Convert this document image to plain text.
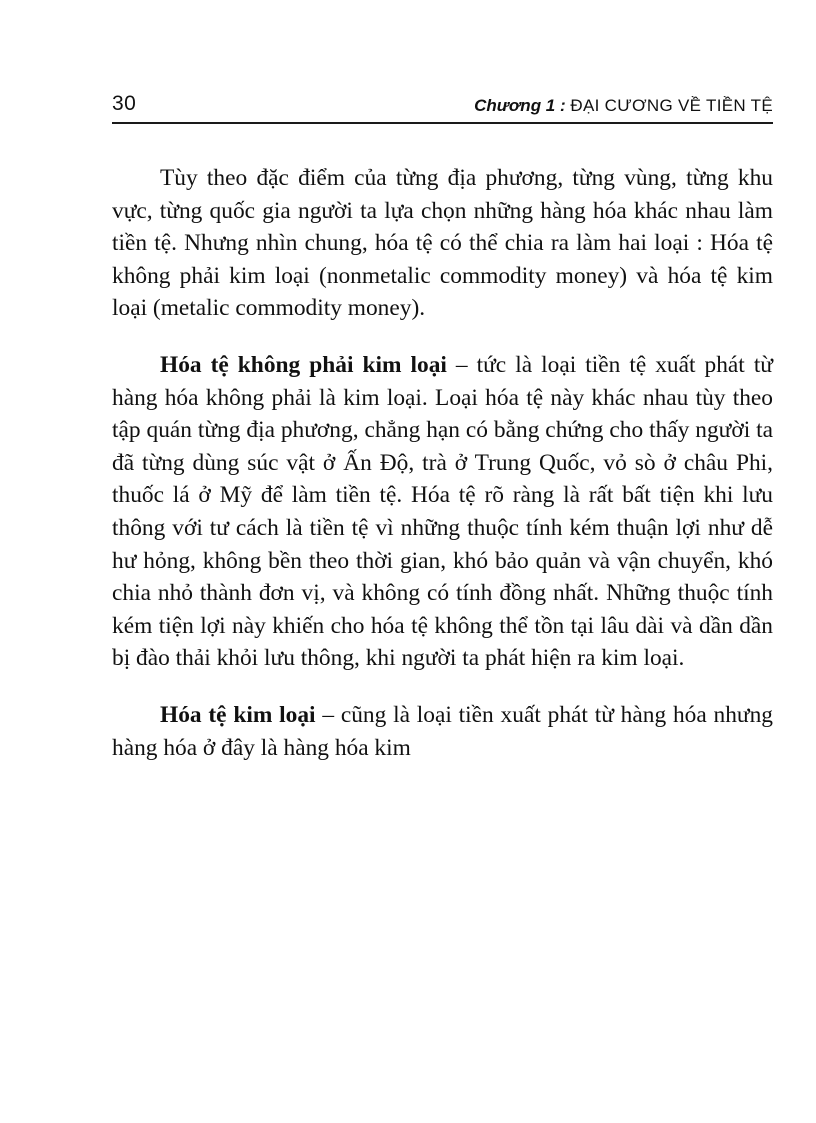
30	Chương 1 : ĐẠI CƯƠNG VỀ TIỀN TỆ

Tùy theo đặc điểm của từng địa phương, từng vùng, từng khu vực, từng quốc gia người ta lựa chọn những hàng hóa khác nhau làm tiền tệ. Nhưng nhìn chung, hóa tệ có thể chia ra làm hai loại : Hóa tệ không phải kim loại (nonmetalic commodity money) và hóa tệ kim loại (metalic commodity money).

Hóa tệ không phải kim loại – tức là loại tiền tệ xuất phát từ hàng hóa không phải là kim loại. Loại hóa tệ này khác nhau tùy theo tập quán từng địa phương, chẳng hạn có bằng chứng cho thấy người ta đã từng dùng súc vật ở Ấn Độ, trà ở Trung Quốc, vỏ sò ở châu Phi, thuốc lá ở Mỹ để làm tiền tệ. Hóa tệ rõ ràng là rất bất tiện khi lưu thông với tư cách là tiền tệ vì những thuộc tính kém thuận lợi như dễ hư hỏng, không bền theo thời gian, khó bảo quản và vận chuyển, khó chia nhỏ thành đơn vị, và không có tính đồng nhất. Những thuộc tính kém tiện lợi này khiến cho hóa tệ không thể tồn tại lâu dài và dần dần bị đào thải khỏi lưu thông, khi người ta phát hiện ra kim loại.

Hóa tệ kim loại – cũng là loại tiền xuất phát từ hàng hóa nhưng hàng hóa ở đây là hàng hóa kim
